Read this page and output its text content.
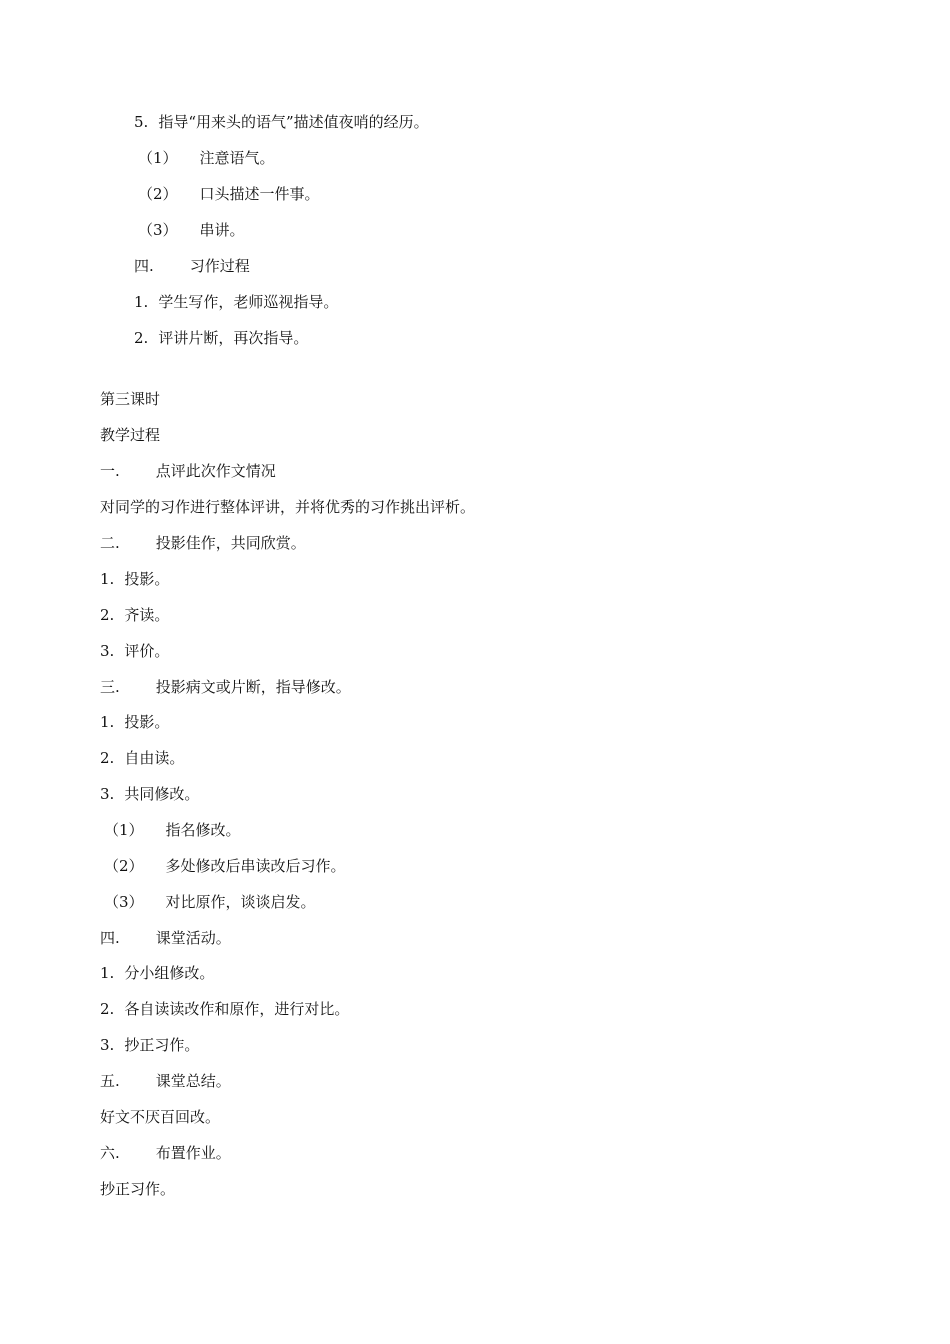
5. 指导“用来头的语气”描述值夜哨的经历。
（1） 注意语气。
（2） 口头描述一件事。
（3） 串讲。
四. 习作过程
1. 学生写作，老师巡视指导。
2. 评讲片断，再次指导。
第三课时
教学过程
一. 点评此次作文情况
对同学的习作进行整体评讲，并将优秀的习作挑出评析。
二. 投影佳作，共同欣赏。
1. 投影。
2. 齐读。
3. 评价。
三. 投影病文或片断，指导修改。
1. 投影。
2. 自由读。
3. 共同修改。
（1） 指名修改。
（2） 多处修改后串读改后习作。
（3） 对比原作，谈谈启发。
四. 课堂活动。
1. 分小组修改。
2. 各自读读改作和原作，进行对比。
3. 抄正习作。
五. 课堂总结。
好文不厌百回改。
六. 布置作业。
抄正习作。
